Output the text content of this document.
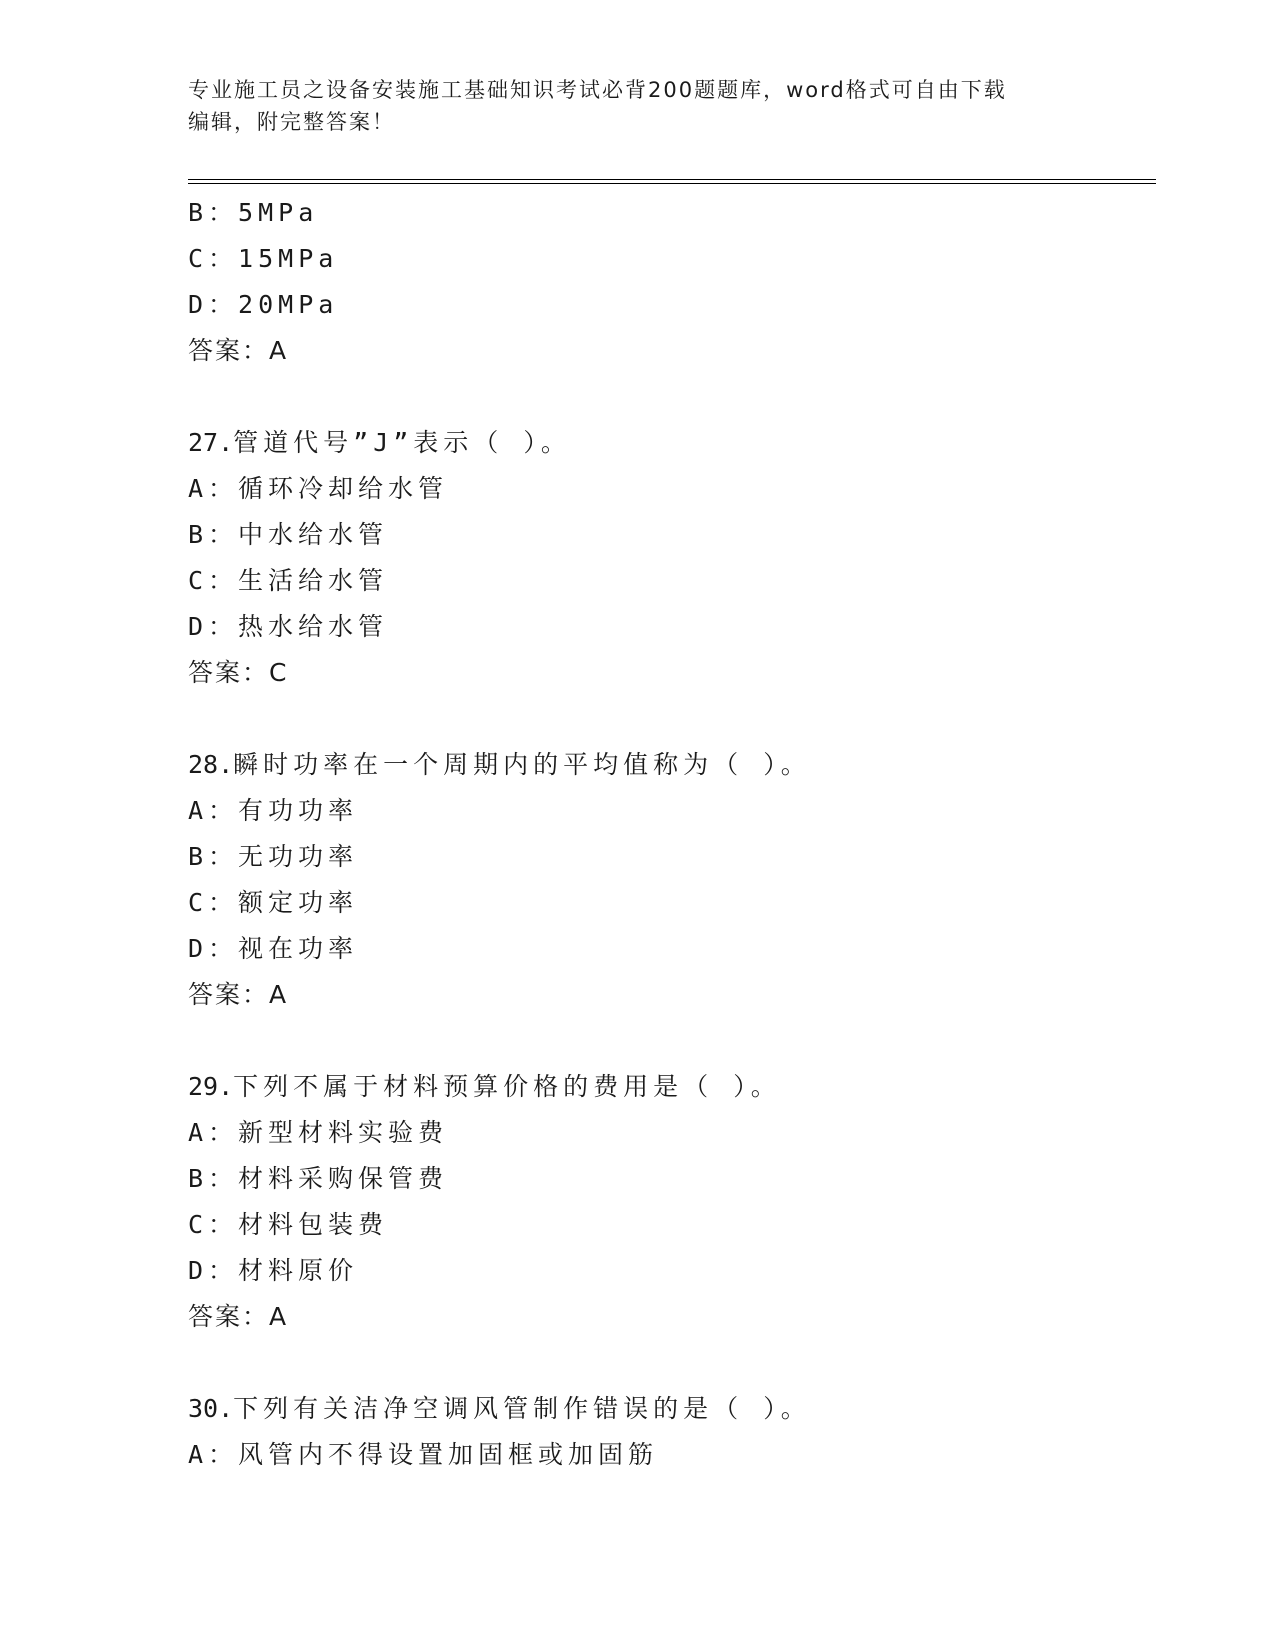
专业施工员之设备安装施工基础知识考试必背200题题库，word格式可自由下载
编辑，附完整答案！
B：5MPa
C：15MPa
D：20MPa
答案：A
27.管道代号”J”表示（ ）。
A：循环冷却给水管
B：中水给水管
C：生活给水管
D：热水给水管
答案：C
28.瞬时功率在一个周期内的平均值称为（ ）。
A：有功功率
B：无功功率
C：额定功率
D：视在功率
答案：A
29.下列不属于材料预算价格的费用是（ ）。
A：新型材料实验费
B：材料采购保管费
C：材料包装费
D：材料原价
答案：A
30.下列有关洁净空调风管制作错误的是（ ）。
A：风管内不得设置加固框或加固筋
